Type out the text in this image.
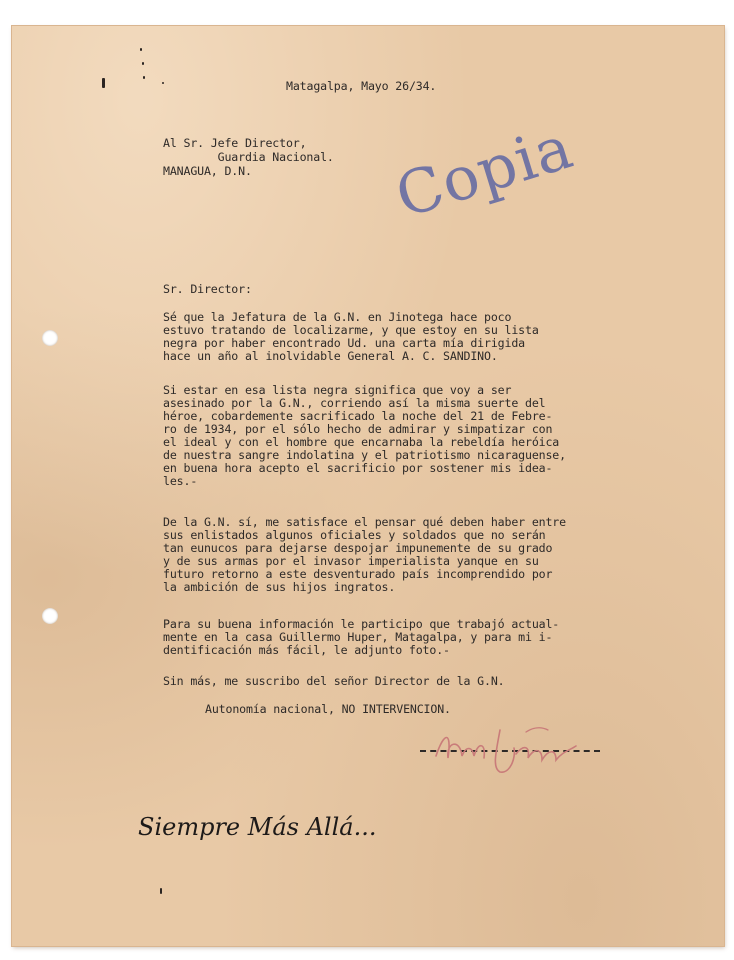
Matagalpa, Mayo 26/34.
Al Sr. Jefe Director,
Guardia Nacional.
MANAGUA, D.N. Copia
Sr. Director:
Sé que la Jefatura de la G.N. en Jinotega hace poco
estuvo tratando de localizarme, y que estoy en su lista
negra por haber encontrado Ud. una carta mía dirigida
hace un año al inolvidable General A. C. SANDINO.
Si estar en esa lista negra significa que voy a ser
asesinado por la G.N., corriendo así la misma suerte del
héroe, cobardemente sacrificado la noche del 21 de Febre-
ro de 1934, por el sólo hecho de admirar y simpatizar con
el ideal y con el hombre que encarnaba la rebeldía heróica
de nuestra sangre indolatina y el patriotismo nicaraguense,
en buena hora acepto el sacrificio por sostener mis idea-
les.-
De la G.N. sí, me satisface el pensar qué deben haber entre
sus enlistados algunos oficiales y soldados que no serán
tan eunucos para dejarse despojar impunemente de su grado
y de sus armas por el invasor imperialista yanque en su
futuro retorno a este desventurado país incomprendido por
la ambición de sus hijos ingratos.
Para su buena información le participo que trabajó actual-
mente en la casa Guillermo Huper, Matagalpa, y para mi i-
dentificación más fácil, le adjunto foto.-
Sin más, me suscribo del señor Director de la G.N.
Autonomía nacional, NO INTERVENCION.
Siempre Más Allá...
